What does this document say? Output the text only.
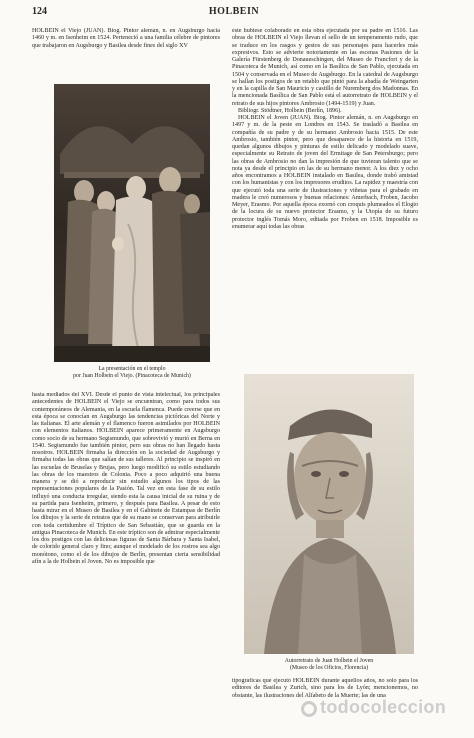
124	HOLBEIN

HOLBEIN el Viejo (JUAN). Biog. Pintor alemán, n. en Augsburgo hacia 1460 y m. en Isenheim en 1524. Perteneció a una familia célebre de pintores que trabajaron en Augsburgo y Basilea desde fines del siglo XV

La presentación en el templo
por Juan Holbein el Viejo. (Pinacoteca de Munich)

hasta mediados del XVI. Desde el punto de vista intelectual, los principales antecedentes de HOLBEIN el Viejo se encuentran, como para todos sus contemporáneos de Alemania, en la escuela flamenca. Puede creerse que en esta época se conocían en Augsburgo las tendencias pictóricas del Norte y las italianas. El arte alemán y el flamenco fueron asimilados por HOLBEIN con elementos italianos. HOLBEIN aparece primeramente en Augsburgo como socio de su hermano Segismundo, que sobrevivió y murió en Berna en 1540. Segismundo fue también pintor, pero sus obras no han llegado hasta nosotros. HOLBEIN firmaba la dirección en la sociedad de Augsburgo y firmaba todas las obras que salían de sus talleres. Al principio se inspiró en las escuelas de Bruselas y Brujas, pero luego modificó su estilo estudiando las obras de los maestros de Colonia. Poco a poco adquirió una buena manera y se dió a reproducir sin estudio algunos los tipos de las representaciones populares de la Pasión. Tal vez en esta fase de su estilo influyó una conducta irregular, siendo esta la causa inicial de su ruina y de su partida para Isenheim, primero, y después para Basilea. A pesar de esto hasta mirar en el Museo de Basilea y en el Gabinete de Estampas de Berlín los dibujos y la serie de retratos que de su mano se conservan para atribuirle con toda certidumbre el Tríptico de San Sebastián, que se guarda en la antigua Pinacoteca de Munich. En este tríptico son de admirar especialmente los dos postigos con las deliciosas figuras de Santa Bárbara y Santa Isabel, de colorido general claro y fino; aunque el modelado de los rostros sea algo monótono, como el de los dibujos de Berlín, presentan cierta sensibilidad afín a la de Holbein el Joven. No es imposible que

éste hubiese colaborado en esta obra ejecutada por su padre en 1516. Las obras de HOLBEIN el Viejo llevan el sello de un temperamento rudo, que se traduce en los rasgos y gestos de sus personajes para hacerles más expresivos. Esto se advierte notoriamente en las escenas Pasiones de la Galería Fürstenberg de Donaueschingen, del Museo de Francfort y de la Pinacoteca de Munich, así como en la Basílica de San Pablo, ejecutada en 1504 y conservada en el Museo de Augsburgo. En la catedral de Augsburgo se hallan los postigos de un retablo que pintó para la abadía de Weingarten y en la capilla de San Mauricio y castillo de Nuremberg dos Madonnas. En la mencionada Basílica de San Pablo está el autorretrato de HOLBEIN y el retrato de sus hijos pintores Ambrosio (1494-1519) y Juan.

Bibliogr. Stödtner, Holbein (Berlín, 1896).

HOLBEIN el Joven (JUAN). Biog. Pintor alemán, n. en Augsburgo en 1497 y m. de la peste en Londres en 1543. Se trasladó a Basilea en compañía de su padre y de su hermano Ambrosio hacia 1515. De este Ambrosio, también pintor, pero que desaparece de la historia en 1519, quedan algunos dibujos y pinturas de estilo delicado y modelado suave, especialmente su Retrato de joven del Ermitage de San Petersburgo; pero las obras de Ambrosio no dan la impresión de que tuvieran talento que se nota ya desde el principio en las de su hermano menor. A los diez y ocho años encontramos a HOLBEIN instalado en Basilea, donde trabó amistad con los humanistas y con los impresores eruditos. La rapidez y maestría con que ejecutó toda una serie de ilustraciones y viñetas para el grabado en madera le creó numerosos y buenas relaciones: Amerbach, Froben, Jacobo Meyer, Erasmo. Por aquella época exornó con croquis plumeados el Elogio de la locura de su nuevo protector Erasmo, y la Utopía de su futuro protector inglés Tomás Moro, editada por Froben en 1518. Imposible es enumerar aquí todas las obras

Autorretrato de Juan Holbein el Joven
(Museo de los Oficios, Florencia)

tipográficas que ejecutó HOLBEIN durante aquellos años, no solo para los editores de Basilea y Zurich, sino para los de Lyón; mencionemos, no obstante, las ilustraciones del Alfabeto de la Muerte; las de una

todocoleccion
